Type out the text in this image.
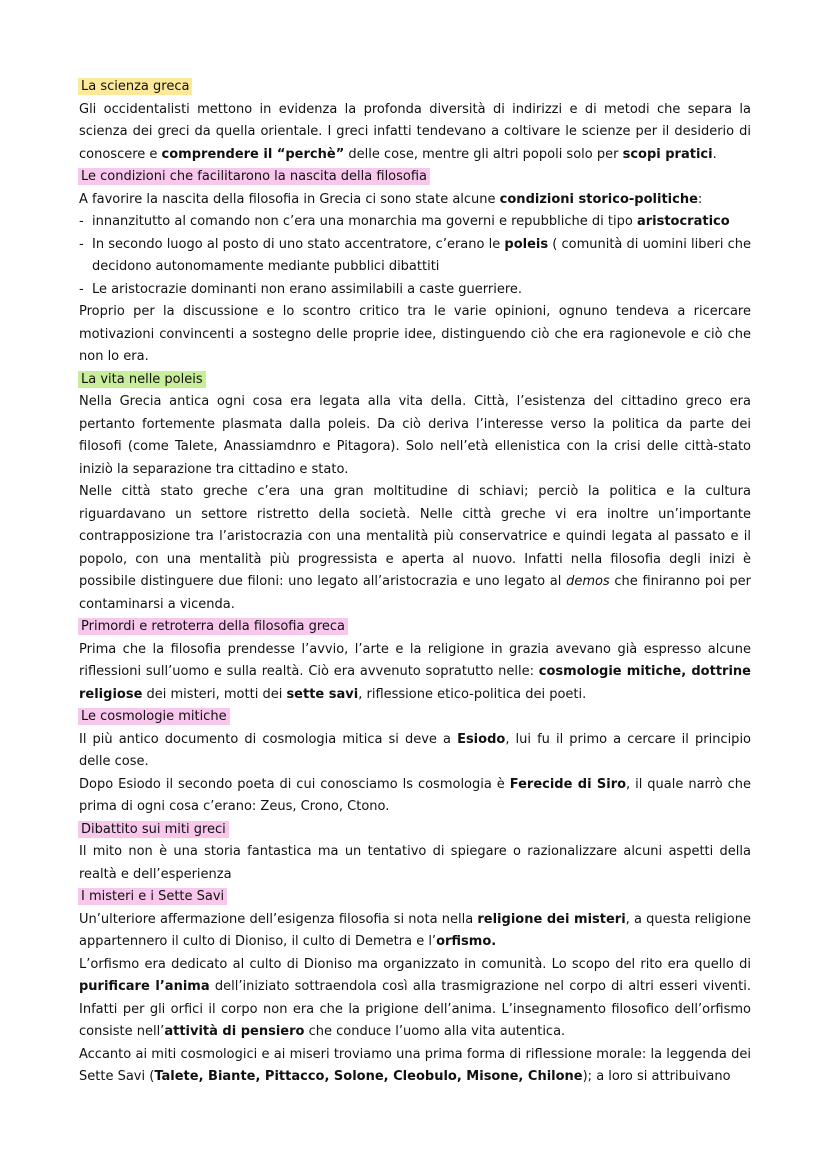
La scienza greca

Gli occidentalisti mettono in evidenza la profonda diversità di indirizzi e di metodi che separa la scienza dei greci da quella orientale. I greci infatti tendevano a coltivare le scienze per il desiderio di conoscere e comprendere il “perchè” delle cose, mentre gli altri popoli solo per scopi pratici.

Le condizioni che facilitarono la nascita della filosofia

A favorire la nascita della filosofia in Grecia ci sono state alcune condizioni storico-politiche:

- innanzitutto al comando non c’era una monarchia ma governi e repubbliche di tipo aristocratico
- In secondo luogo al posto di uno stato accentratore, c’erano le poleis ( comunità di uomini liberi che decidono autonomamente mediante pubblici dibattiti
- Le aristocrazie dominanti non erano assimilabili a caste guerriere.

Proprio per la discussione e lo scontro critico tra le varie opinioni, ognuno tendeva a ricercare motivazioni convincenti a sostegno delle proprie idee, distinguendo ciò che era ragionevole e ciò che non lo era.

La vita nelle poleis

Nella Grecia antica ogni cosa era legata alla vita della. Città, l’esistenza del cittadino greco era pertanto fortemente plasmata dalla poleis. Da ciò deriva l’interesse verso la politica da parte dei filosofi (come Talete, Anassiamdnro e Pitagora). Solo nell’età ellenistica con la crisi delle città-stato iniziò la separazione tra cittadino e stato.

Nelle città stato greche c’era una gran moltitudine di schiavi; perciò la politica e la cultura riguardavano un settore ristretto della società. Nelle città greche vi era inoltre un’importante contrapposizione tra l’aristocrazia con una mentalità più conservatrice e quindi legata al passato e il popolo, con una mentalità più progressista e aperta al nuovo. Infatti nella filosofia degli inizi è possibile distinguere due filoni: uno legato all’aristocrazia e uno legato al demos che finiranno poi per contaminarsi a vicenda.

Primordi e retroterra della filosofia greca

Prima che la filosofia prendesse l’avvio, l’arte e la religione in grazia avevano già espresso alcune riflessioni sull’uomo e sulla realtà. Ciò era avvenuto sopratutto nelle: cosmologie mitiche, dottrine religiose dei misteri, motti dei sette savi, riflessione etico-politica dei poeti.

Le cosmologie mitiche

Il più antico documento di cosmologia mitica si deve a Esiodo, lui fu il primo a cercare il principio delle cose.

Dopo Esiodo il secondo poeta di cui conosciamo ls cosmologia è Ferecide di Siro, il quale narrò che prima di ogni cosa c’erano: Zeus, Crono, Ctono.

Dibattito sui miti greci

Il mito non è una storia fantastica ma un tentativo di spiegare o razionalizzare alcuni aspetti della realtà e dell’esperienza

I misteri e i Sette Savi

Un’ulteriore affermazione dell’esigenza filosofia si nota nella religione dei misteri, a questa religione appartennero il culto di Dioniso, il culto di Demetra e l’orfismo.

L’orfismo era dedicato al culto di Dioniso ma organizzato in comunità. Lo scopo del rito era quello di purificare l’anima dell’iniziato sottraendola così alla trasmigrazione nel corpo di altri esseri viventi. Infatti per gli orfici il corpo non era che la prigione dell’anima. L’insegnamento filosofico dell’orfismo consiste nell’attività di pensiero che conduce l’uomo alla vita autentica.

Accanto ai miti cosmologici e ai miseri troviamo una prima forma di riflessione morale: la leggenda dei Sette Savi (Talete, Biante, Pittacco, Solone, Cleobulo, Misone, Chilone); a loro si attribuivano
